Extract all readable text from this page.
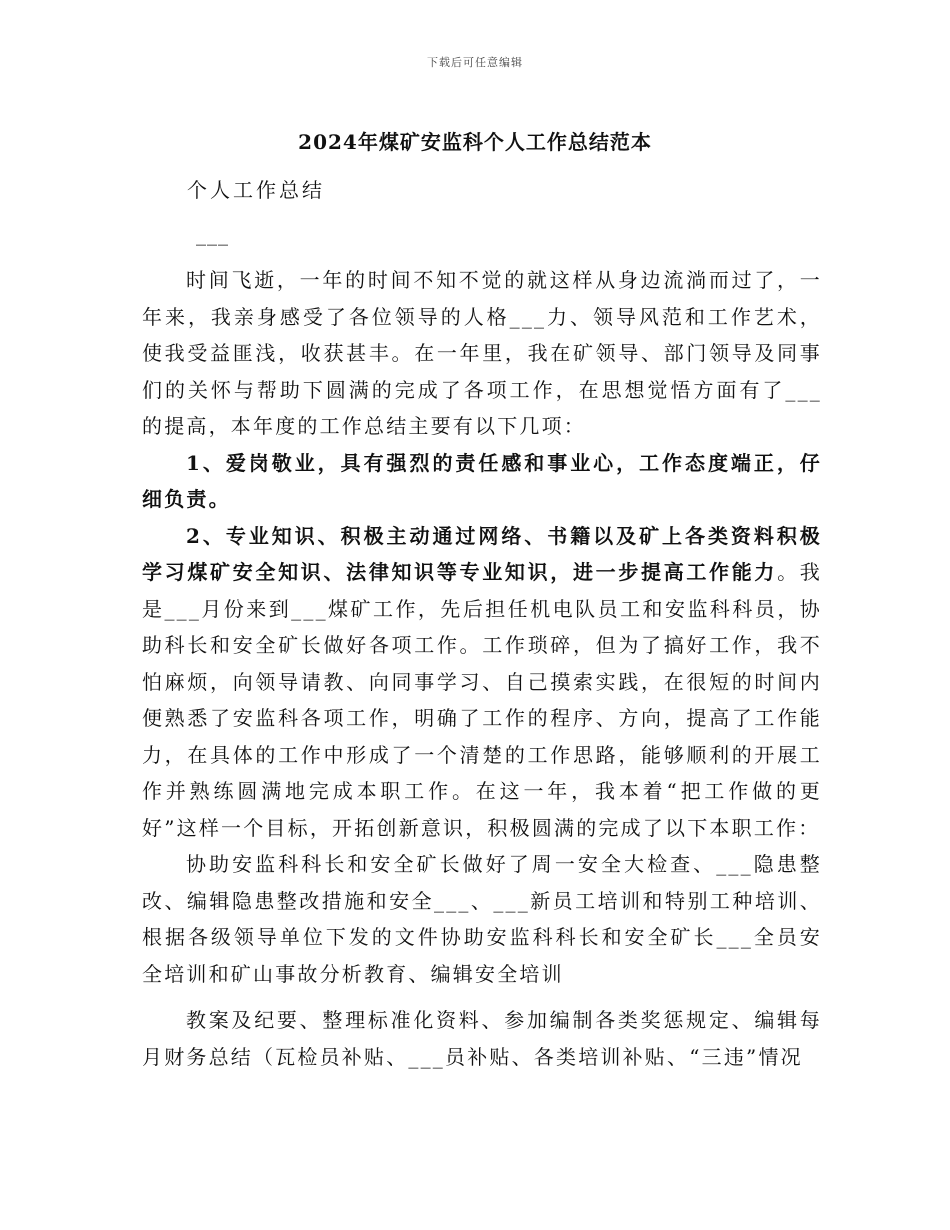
下载后可任意编辑
2024年煤矿安监科个人工作总结范本
个人工作总结
___

时间飞逝，一年的时间不知不觉的就这样从身边流淌而过了，一年来，我亲身感受了各位领导的人格___力、领导风范和工作艺术，使我受益匪浅，收获甚丰。在一年里，我在矿领导、部门领导及同事们的关怀与帮助下圆满的完成了各项工作，在思想觉悟方面有了___的提高，本年度的工作总结主要有以下几项：

1、爱岗敬业，具有强烈的责任感和事业心，工作态度端正，仔细负责。

2、专业知识、积极主动通过网络、书籍以及矿上各类资料积极学习煤矿安全知识、法律知识等专业知识，进一步提高工作能力。我是___月份来到___煤矿工作，先后担任机电队员工和安监科科员，协助科长和安全矿长做好各项工作。工作琐碎，但为了搞好工作，我不怕麻烦，向领导请教、向同事学习、自己摸索实践，在很短的时间内便熟悉了安监科各项工作，明确了工作的程序、方向，提高了工作能力，在具体的工作中形成了一个清楚的工作思路，能够顺利的开展工作并熟练圆满地完成本职工作。在这一年，我本着“把工作做的更好”这样一个目标，开拓创新意识，积极圆满的完成了以下本职工作：

协助安监科科长和安全矿长做好了周一安全大检查、___隐患整改、编辑隐患整改措施和安全___、___新员工培训和特别工种培训、根据各级领导单位下发的文件协助安监科科长和安全矿长___全员安全培训和矿山事故分析教育、编辑安全培训

教案及纪要、整理标准化资料、参加编制各类奖惩规定、编辑每月财务总结（瓦检员补贴、___员补贴、各类培训补贴、“三违”情况
